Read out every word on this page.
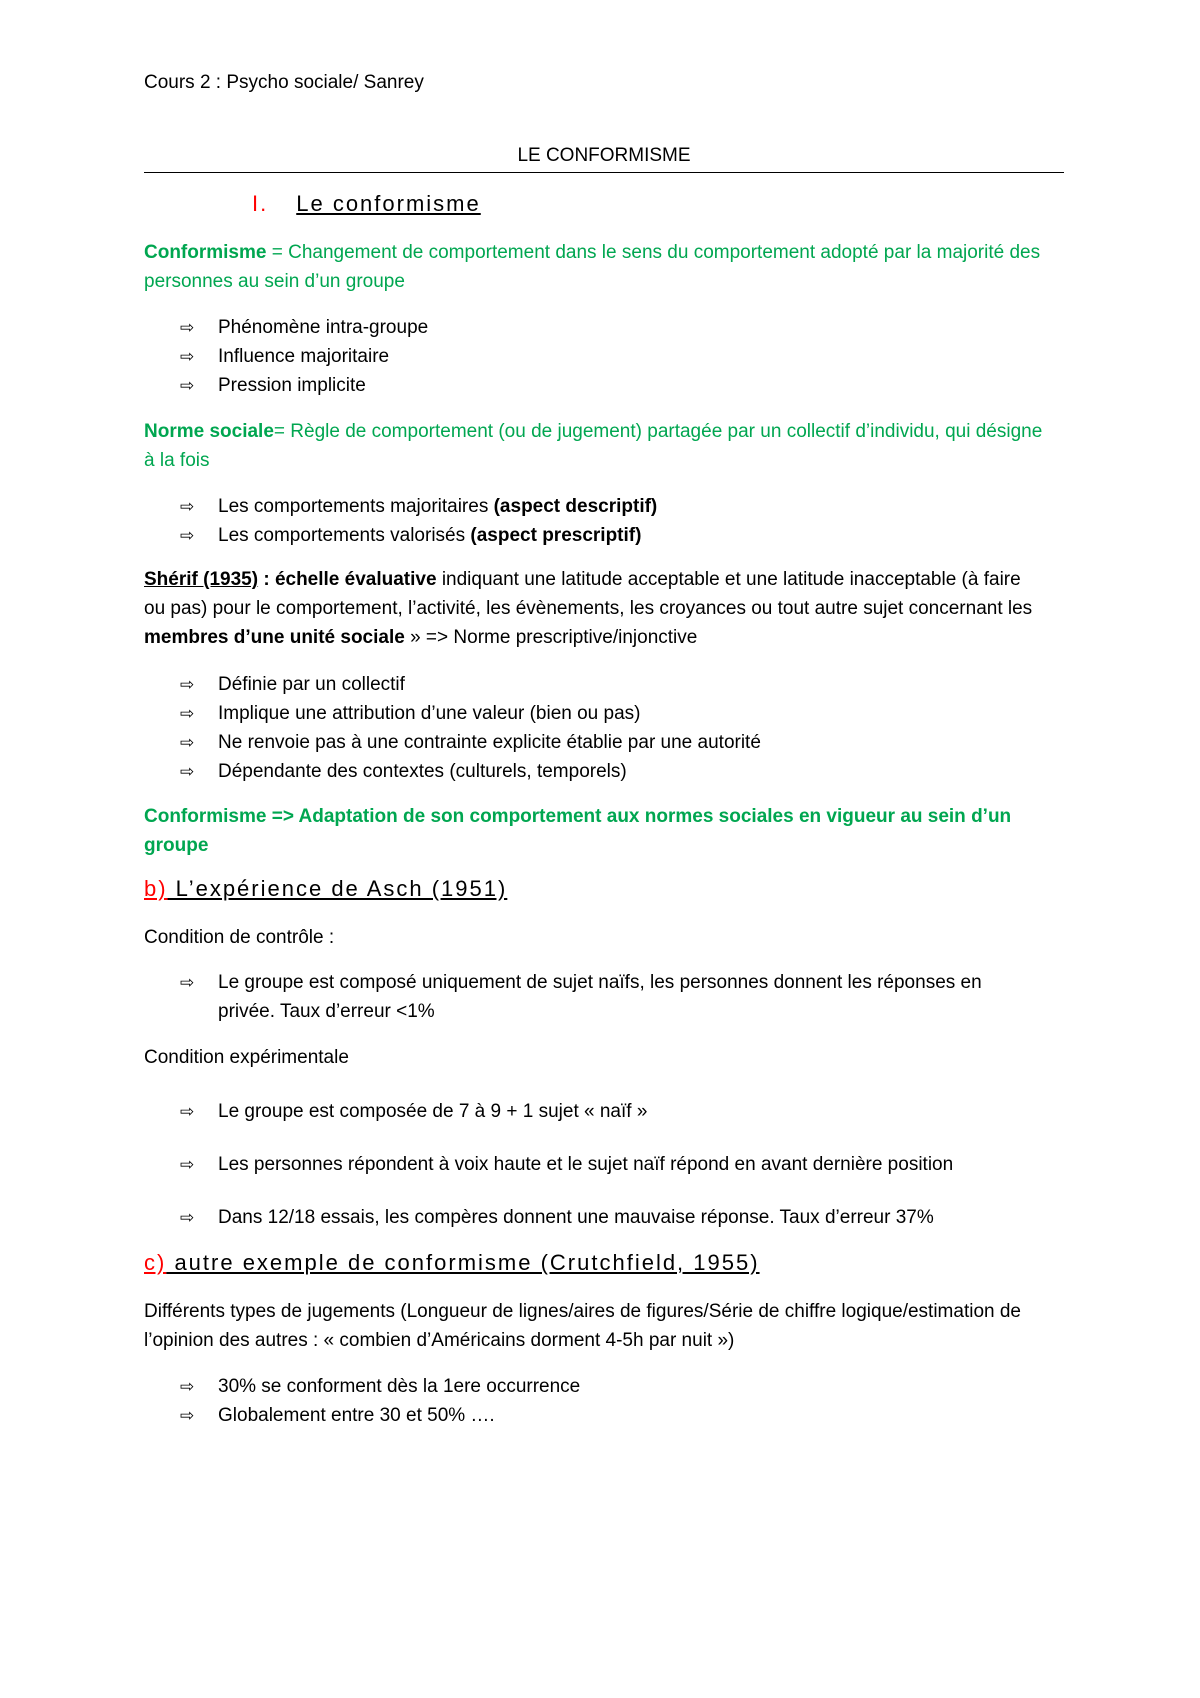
Cours 2 : Psycho sociale/ Sanrey
LE CONFORMISME
I. Le conformisme
Conformisme = Changement de comportement dans le sens du comportement adopté par la majorité des personnes au sein d’un groupe
⇨ Phénomène intra-groupe
⇨ Influence majoritaire
⇨ Pression implicite
Norme sociale= Règle de comportement (ou de jugement) partagée par un collectif d’individu, qui désigne à la fois
⇨ Les comportements majoritaires (aspect descriptif)
⇨ Les comportements valorisés (aspect prescriptif)
Shérif (1935) : échelle évaluative indiquant une latitude acceptable et une latitude inacceptable (à faire ou pas) pour le comportement, l’activité, les évènements, les croyances ou tout autre sujet concernant les membres d’une unité sociale » => Norme prescriptive/injonctive
⇨ Définie par un collectif
⇨ Implique une attribution d’une valeur (bien ou pas)
⇨ Ne renvoie pas à une contrainte explicite établie par une autorité
⇨ Dépendante des contextes (culturels, temporels)
Conformisme => Adaptation de son comportement aux normes sociales en vigueur au sein d’un groupe
b) L’expérience de Asch (1951)
Condition de contrôle :
⇨ Le groupe est composé uniquement de sujet naïfs, les personnes donnent les réponses en privée. Taux d’erreur <1%
Condition expérimentale
⇨ Le groupe est composée de 7 à 9 + 1 sujet « naïf »
⇨ Les personnes répondent à voix haute et le sujet naïf répond en avant dernière position
⇨ Dans 12/18 essais, les compères donnent une mauvaise réponse. Taux d’erreur 37%
c) autre exemple de conformisme (Crutchfield, 1955)
Différents types de jugements (Longueur de lignes/aires de figures/Série de chiffre logique/estimation de l’opinion des autres : « combien d’Américains dorment 4-5h par nuit »)
⇨ 30% se conforment dès la 1ere occurrence
⇨ Globalement entre 30 et 50% ….
